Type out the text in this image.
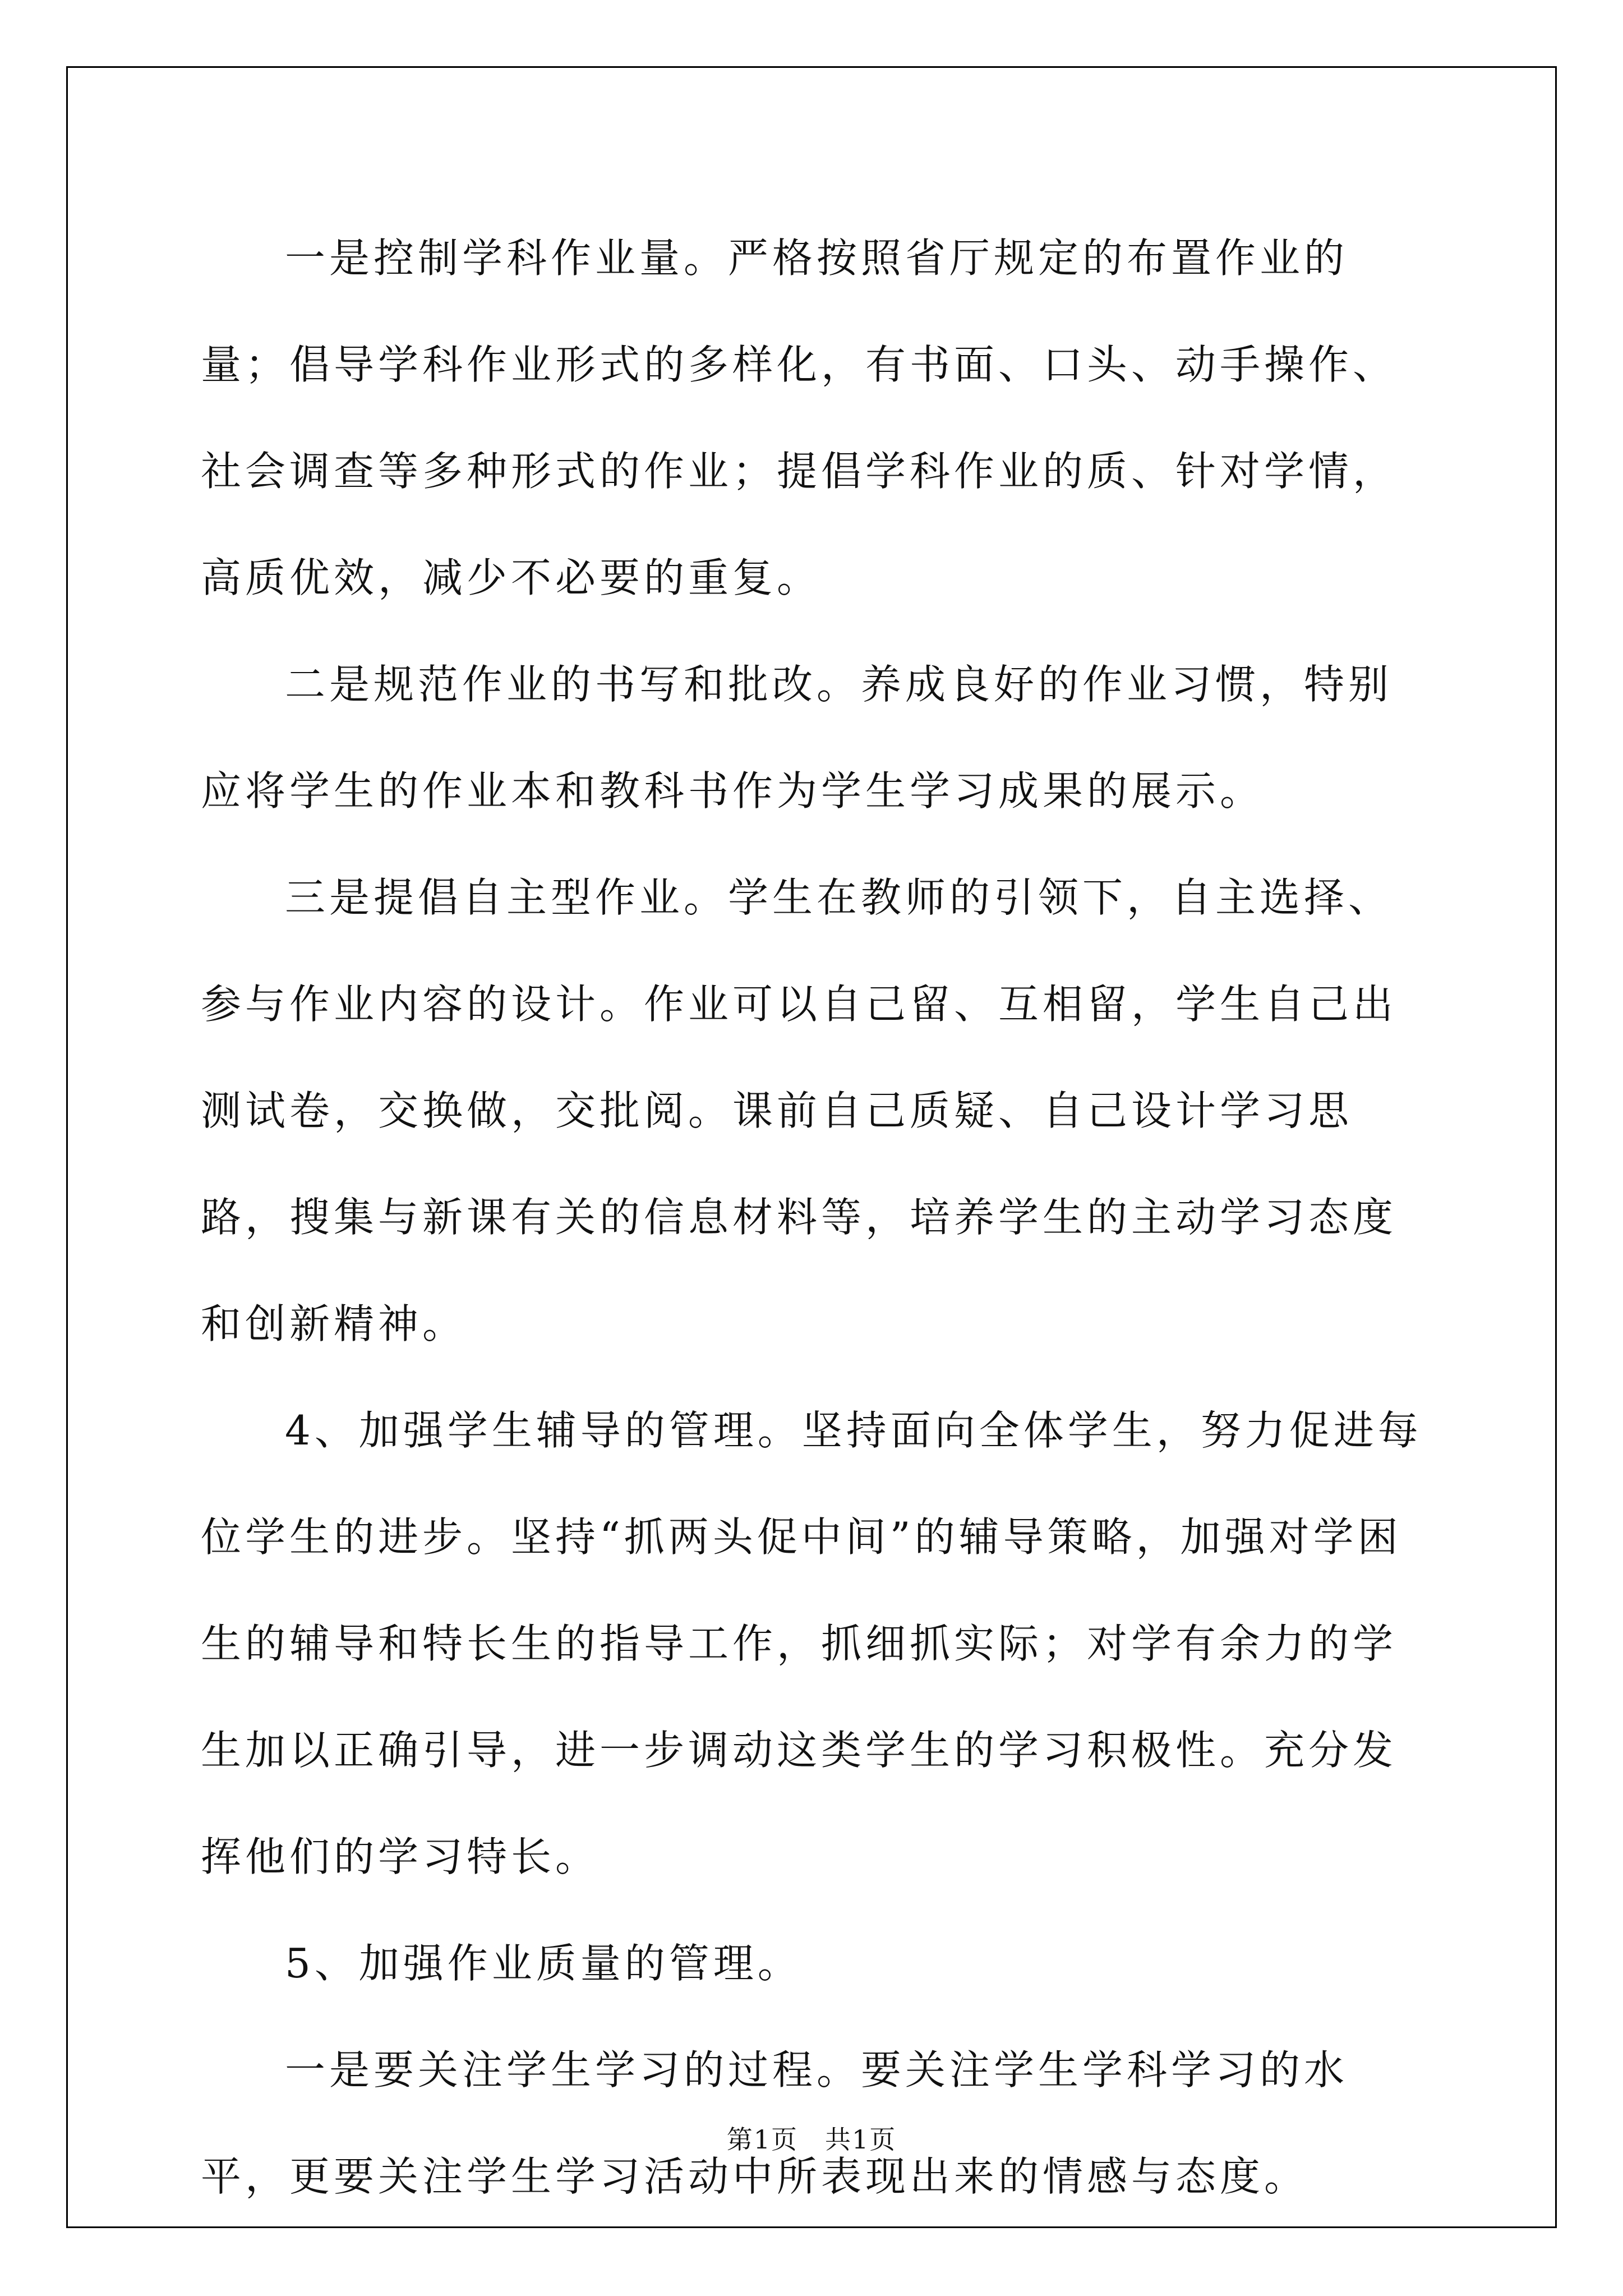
一是控制学科作业量。严格按照省厅规定的布置作业的量；倡导学科作业形式的多样化，有书面、口头、动手操作、社会调查等多种形式的作业；提倡学科作业的质、针对学情，高质优效，减少不必要的重复。

二是规范作业的书写和批改。养成良好的作业习惯，特别应将学生的作业本和教科书作为学生学习成果的展示。

三是提倡自主型作业。学生在教师的引领下，自主选择、参与作业内容的设计。作业可以自己留、互相留，学生自己出测试卷，交换做，交批阅。课前自己质疑、自己设计学习思路，搜集与新课有关的信息材料等，培养学生的主动学习态度和创新精神。

4、加强学生辅导的管理。坚持面向全体学生，努力促进每位学生的进步。坚持“抓两头促中间”的辅导策略，加强对学困生的辅导和特长生的指导工作，抓细抓实际；对学有余力的学生加以正确引导，进一步调动这类学生的学习积极性。充分发挥他们的学习特长。

5、加强作业质量的管理。

一是要关注学生学习的过程。要关注学生学科学习的水平，更要关注学生学习活动中所表现出来的情感与态度。

第1页　共1页
